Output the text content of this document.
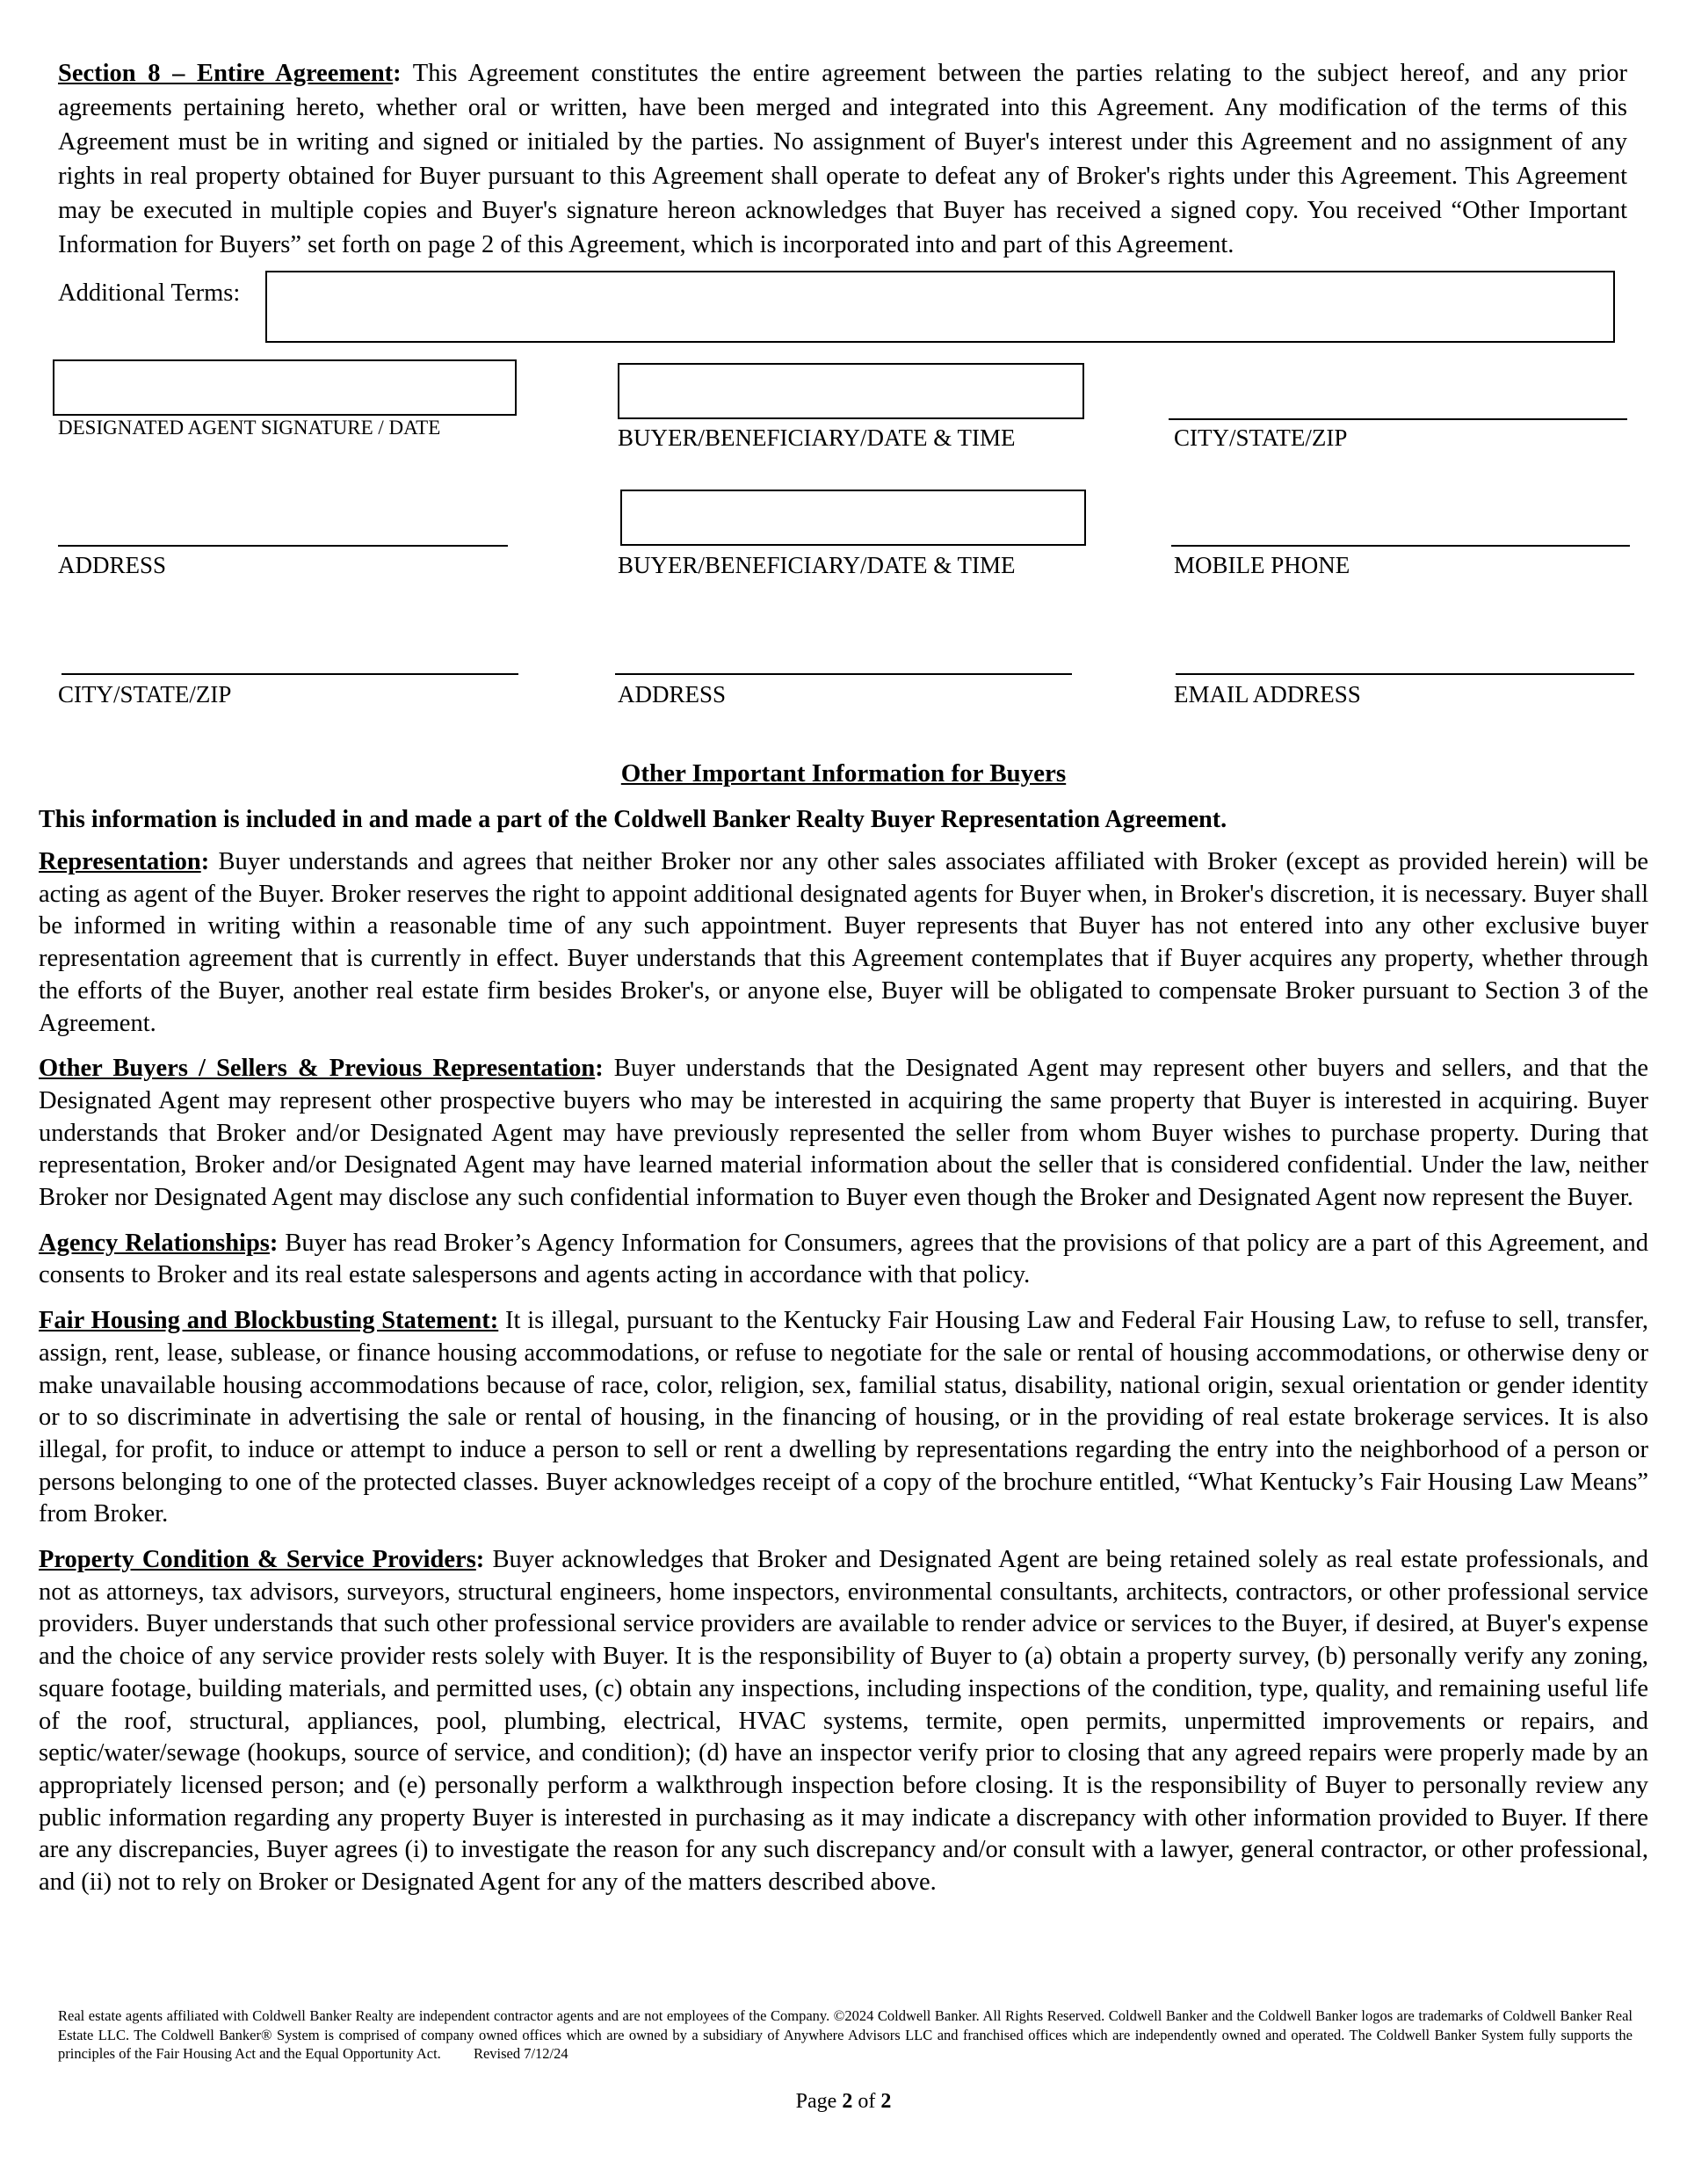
Section 8 – Entire Agreement: This Agreement constitutes the entire agreement between the parties relating to the subject hereof, and any prior agreements pertaining hereto, whether oral or written, have been merged and integrated into this Agreement. Any modification of the terms of this Agreement must be in writing and signed or initialed by the parties. No assignment of Buyer's interest under this Agreement and no assignment of any rights in real property obtained for Buyer pursuant to this Agreement shall operate to defeat any of Broker's rights under this Agreement. This Agreement may be executed in multiple copies and Buyer's signature hereon acknowledges that Buyer has received a signed copy. You received “Other Important Information for Buyers” set forth on page 2 of this Agreement, which is incorporated into and part of this Agreement.

Additional Terms:
DESIGNATED AGENT SIGNATURE / DATE	BUYER/BENEFICIARY/DATE & TIME	CITY/STATE/ZIP
ADDRESS	BUYER/BENEFICIARY/DATE & TIME	MOBILE PHONE
CITY/STATE/ZIP	ADDRESS	EMAIL ADDRESS
Other Important Information for Buyers
This information is included in and made a part of the Coldwell Banker Realty Buyer Representation Agreement.

Representation: Buyer understands and agrees that neither Broker nor any other sales associates affiliated with Broker (except as provided herein) will be acting as agent of the Buyer. Broker reserves the right to appoint additional designated agents for Buyer when, in Broker's discretion, it is necessary. Buyer shall be informed in writing within a reasonable time of any such appointment. Buyer represents that Buyer has not entered into any other exclusive buyer representation agreement that is currently in effect. Buyer understands that this Agreement contemplates that if Buyer acquires any property, whether through the efforts of the Buyer, another real estate firm besides Broker's, or anyone else, Buyer will be obligated to compensate Broker pursuant to Section 3 of the Agreement.

Other Buyers / Sellers & Previous Representation: Buyer understands that the Designated Agent may represent other buyers and sellers, and that the Designated Agent may represent other prospective buyers who may be interested in acquiring the same property that Buyer is interested in acquiring. Buyer understands that Broker and/or Designated Agent may have previously represented the seller from whom Buyer wishes to purchase property. During that representation, Broker and/or Designated Agent may have learned material information about the seller that is considered confidential. Under the law, neither Broker nor Designated Agent may disclose any such confidential information to Buyer even though the Broker and Designated Agent now represent the Buyer.

Agency Relationships: Buyer has read Broker’s Agency Information for Consumers, agrees that the provisions of that policy are a part of this Agreement, and consents to Broker and its real estate salespersons and agents acting in accordance with that policy.

Fair Housing and Blockbusting Statement: It is illegal, pursuant to the Kentucky Fair Housing Law and Federal Fair Housing Law, to refuse to sell, transfer, assign, rent, lease, sublease, or finance housing accommodations, or refuse to negotiate for the sale or rental of housing accommodations, or otherwise deny or make unavailable housing accommodations because of race, color, religion, sex, familial status, disability, national origin, sexual orientation or gender identity or to so discriminate in advertising the sale or rental of housing, in the financing of housing, or in the providing of real estate brokerage services. It is also illegal, for profit, to induce or attempt to induce a person to sell or rent a dwelling by representations regarding the entry into the neighborhood of a person or persons belonging to one of the protected classes. Buyer acknowledges receipt of a copy of the brochure entitled, “What Kentucky’s Fair Housing Law Means” from Broker.

Property Condition & Service Providers: Buyer acknowledges that Broker and Designated Agent are being retained solely as real estate professionals, and not as attorneys, tax advisors, surveyors, structural engineers, home inspectors, environmental consultants, architects, contractors, or other professional service providers. Buyer understands that such other professional service providers are available to render advice or services to the Buyer, if desired, at Buyer's expense and the choice of any service provider rests solely with Buyer. It is the responsibility of Buyer to (a) obtain a property survey, (b) personally verify any zoning, square footage, building materials, and permitted uses, (c) obtain any inspections, including inspections of the condition, type, quality, and remaining useful life of the roof, structural, appliances, pool, plumbing, electrical, HVAC systems, termite, open permits, unpermitted improvements or repairs, and septic/water/sewage (hookups, source of service, and condition); (d) have an inspector verify prior to closing that any agreed repairs were properly made by an appropriately licensed person; and (e) personally perform a walkthrough inspection before closing. It is the responsibility of Buyer to personally review any public information regarding any property Buyer is interested in purchasing as it may indicate a discrepancy with other information provided to Buyer. If there are any discrepancies, Buyer agrees (i) to investigate the reason for any such discrepancy and/or consult with a lawyer, general contractor, or other professional, and (ii) not to rely on Broker or Designated Agent for any of the matters described above.

Real estate agents affiliated with Coldwell Banker Realty are independent contractor agents and are not employees of the Company. ©2024 Coldwell Banker. All Rights Reserved. Coldwell Banker and the Coldwell Banker logos are trademarks of Coldwell Banker Real Estate LLC. The Coldwell Banker® System is comprised of company owned offices which are owned by a subsidiary of Anywhere Advisors LLC and franchised offices which are independently owned and operated. The Coldwell Banker System fully supports the principles of the Fair Housing Act and the Equal Opportunity Act. Revised 7/12/24

Page 2 of 2
